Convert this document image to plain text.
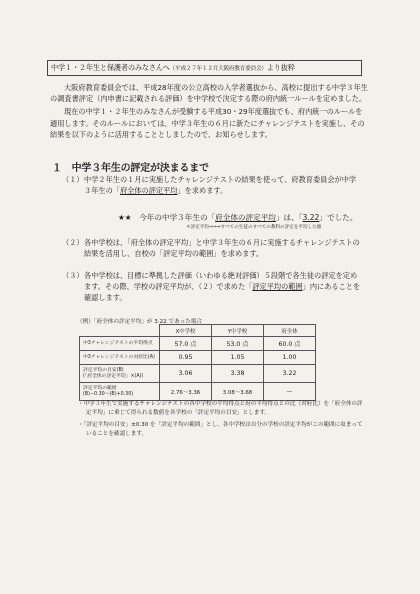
中学１・２年生と保護者のみなさんへ（平成２７年１２月大阪府教育委員会）より抜粋

大阪府教育委員会では、平成28年度の公立高校の入学者選抜から、高校に提出する中学３年生の調査書評定（内申書に記載される評価）を中学校で決定する際の府内統一ルールを定めました。

現在の中学１・２年生のみなさんが受験する平成30・29年度選抜でも、府内統一のルールを適用します。そのルールにおいては、中学３年生の６月に新たにチャレンジテストを実施し、その結果を以下のように活用することとしましたので、お知らせします。

１　 中学３年生の評定が決まるまで
（１） 中学２年生の１月に実施したチャレンジテストの結果を使って、府教育委員会が中学３年生の「府全体の評定平均」を求めます。
★★　今年の中学３年生の「府全体の評定平均」は、「3.22」でした。
＊評定平均⇒⇒⇒すべての生徒のすべての教科の評定を平均した値
（２） 各中学校は、「府全体の評定平均」と中学３年生の６月に実施するチャレンジテストの結果を活用し、自校の「評定平均の範囲」を求めます。
（３） 各中学校は、目標に準拠した評価（いわゆる絶対評価）５段階で各生徒の評定を定めます。その際、学校の評定平均が、（２）で求めた「評定平均の範囲」内にあることを確認します。
（例）「府全体の評定平均」が 3.22 であった場合
	X中学校	Y中学校	府全体
中3チャレンジテストの平均得点	57.0 点	53.0 点	60.0 点
中3チャレンジテストの対府比(A)	0.95	1.05	1.00
評定平均の目安(B)
(「府全体の評定平均」×(A))	3.06	3.38	3.22
評定平均の範囲
(B)−0.30〜(B)+0.30)	2.76〜3.36	3.08〜3.68	―

・中学３年生で実施するチャレンジテストの各中学校の平均得点と府の平均得点との比（対府比）を「府全体の評定平均」に乗じて得られる数値を各学校の「評定平均の目安」とします。

・「評定平均の目安」±0.30 を「評定平均の範囲」とし、各中学校は自分の学校の評定平均がこの範囲に収まっていることを確認します。
